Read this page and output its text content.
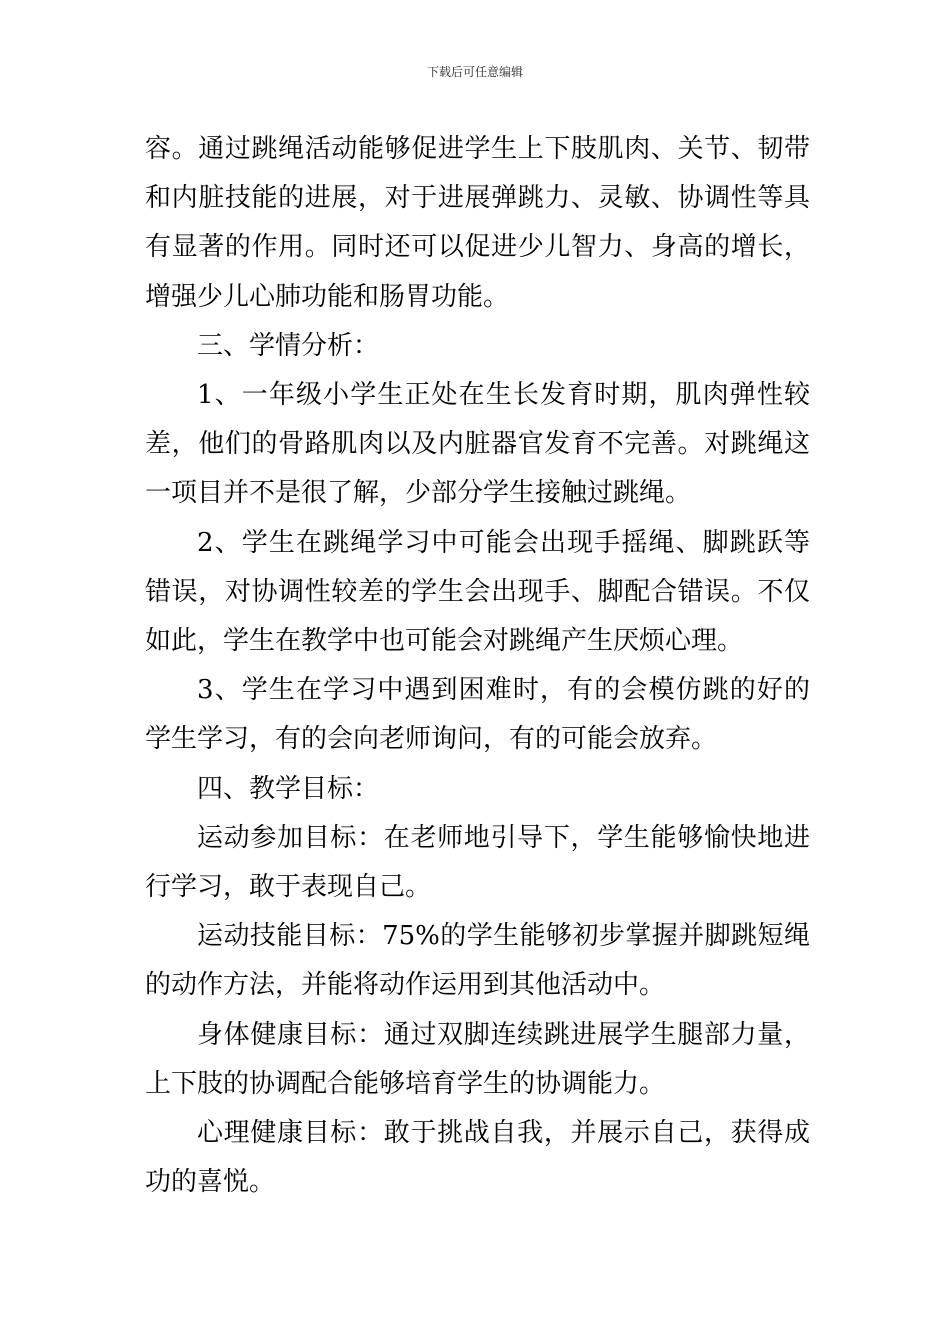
下载后可任意编辑

容。通过跳绳活动能够促进学生上下肢肌肉、关节、韧带和内脏技能的进展，对于进展弹跳力、灵敏、协调性等具有显著的作用。同时还可以促进少儿智力、身高的增长，增强少儿心肺功能和肠胃功能。

三、学情分析：

1、一年级小学生正处在生长发育时期，肌肉弹性较差，他们的骨路肌肉以及内脏器官发育不完善。对跳绳这一项目并不是很了解，少部分学生接触过跳绳。

2、学生在跳绳学习中可能会出现手摇绳、脚跳跃等错误，对协调性较差的学生会出现手、脚配合错误。不仅如此，学生在教学中也可能会对跳绳产生厌烦心理。

3、学生在学习中遇到困难时，有的会模仿跳的好的学生学习，有的会向老师询问，有的可能会放弃。

四、教学目标：

运动参加目标：在老师地引导下，学生能够愉快地进行学习，敢于表现自己。

运动技能目标：75%的学生能够初步掌握并脚跳短绳的动作方法，并能将动作运用到其他活动中。

身体健康目标：通过双脚连续跳进展学生腿部力量，上下肢的协调配合能够培育学生的协调能力。

心理健康目标：敢于挑战自我，并展示自己，获得成功的喜悦。
